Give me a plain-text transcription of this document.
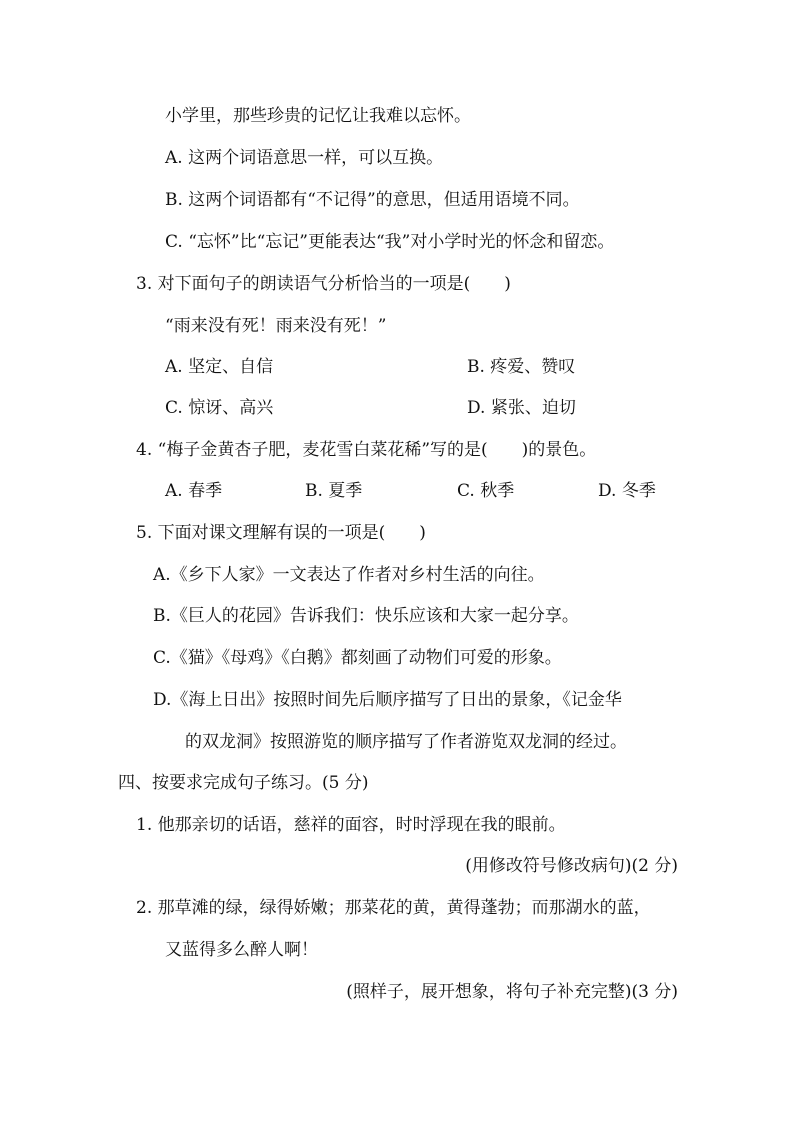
小学里，那些珍贵的记忆让我难以忘怀。
A. 这两个词语意思一样，可以互换。
B. 这两个词语都有“不记得”的意思，但适用语境不同。
C. “忘怀”比“忘记”更能表达“我”对小学时光的怀念和留恋。
3. 对下面句子的朗读语气分析恰当的一项是(　　)
“雨来没有死！雨来没有死！”
A. 坚定、自信	B. 疼爱、赞叹
C. 惊讶、高兴	D. 紧张、迫切
4. “梅子金黄杏子肥，麦花雪白菜花稀”写的是(　　)的景色。
A. 春季	B. 夏季	C. 秋季	D. 冬季
5. 下面对课文理解有误的一项是(　　)
A.《乡下人家》一文表达了作者对乡村生活的向往。
B.《巨人的花园》告诉我们：快乐应该和大家一起分享。
C.《猫》《母鸡》《白鹅》都刻画了动物们可爱的形象。
D.《海上日出》按照时间先后顺序描写了日出的景象，《记金华
的双龙洞》按照游览的顺序描写了作者游览双龙洞的经过。
四、按要求完成句子练习。(5 分)
1. 他那亲切的话语，慈祥的面容，时时浮现在我的眼前。
(用修改符号修改病句)(2 分)
2. 那草滩的绿，绿得娇嫩；那菜花的黄，黄得蓬勃；而那湖水的蓝，
又蓝得多么醉人啊！
(照样子，展开想象，将句子补充完整)(3 分)
